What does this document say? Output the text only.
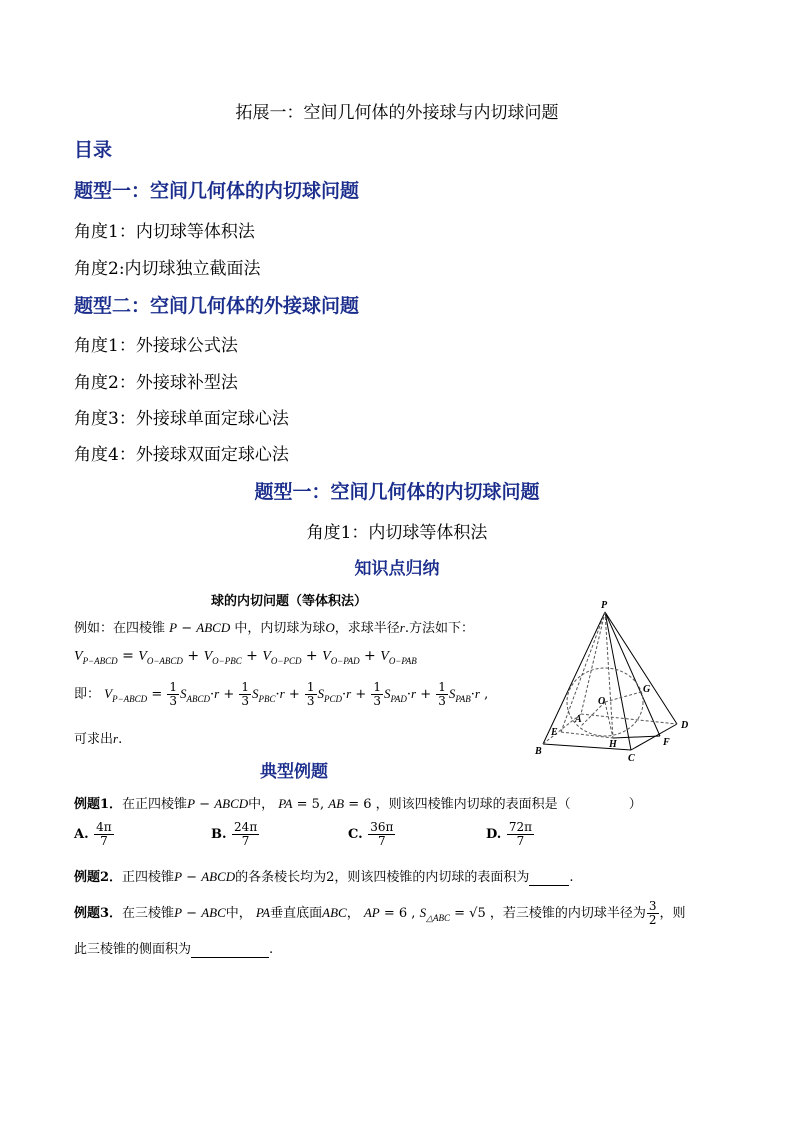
拓展一：空间几何体的外接球与内切球问题
目录
题型一：空间几何体的内切球问题
角度1：内切球等体积法
角度2:内切球独立截面法
题型二：空间几何体的外接球问题
角度1：外接球公式法
角度2：外接球补型法
角度3：外接球单面定球心法
角度4：外接球双面定球心法
题型一：空间几何体的内切球问题
角度1：内切球等体积法
知识点归纳
球的内切问题（等体积法）
例如：在四棱锥 P − ABCD 中，内切球为球O，求球半径r.方法如下：
$V_{P-ABCD} = V_{O-ABCD} + V_{O-PBC} + V_{O-PCD} + V_{O-PAD} + V_{O-PAB}$
即： $V_{P-ABCD} = \frac{1}{3} S_{ABCD}\cdot r + \frac{1}{3} S_{PBC}\cdot r + \frac{1}{3} S_{PCD}\cdot r + \frac{1}{3} S_{PAD}\cdot r + \frac{1}{3} S_{PAB}\cdot r$ ,
可求出r.
P
O
G
D
A
E
B
H	F
C
典型例题
例题1．在正四棱锥P − ABCD中， PA = 5, AB = 6 ，则该四棱锥内切球的表面积是（	）
A. $\frac{4\pi}{7}$	B. $\frac{24\pi}{7}$	C. $\frac{36\pi}{7}$	D. $\frac{72\pi}{7}$
例题2．正四棱锥P − ABCD的各条棱长均为2，则该四棱锥的内切球的表面积为	.
例题3．在三棱锥P − ABC中， PA垂直底面ABC， AP = 6 , $S_{\triangle ABC} = √5$ ，若三棱锥的内切球半径为 $\frac{3}{2}$ ，则
此三棱锥的侧面积为	.
